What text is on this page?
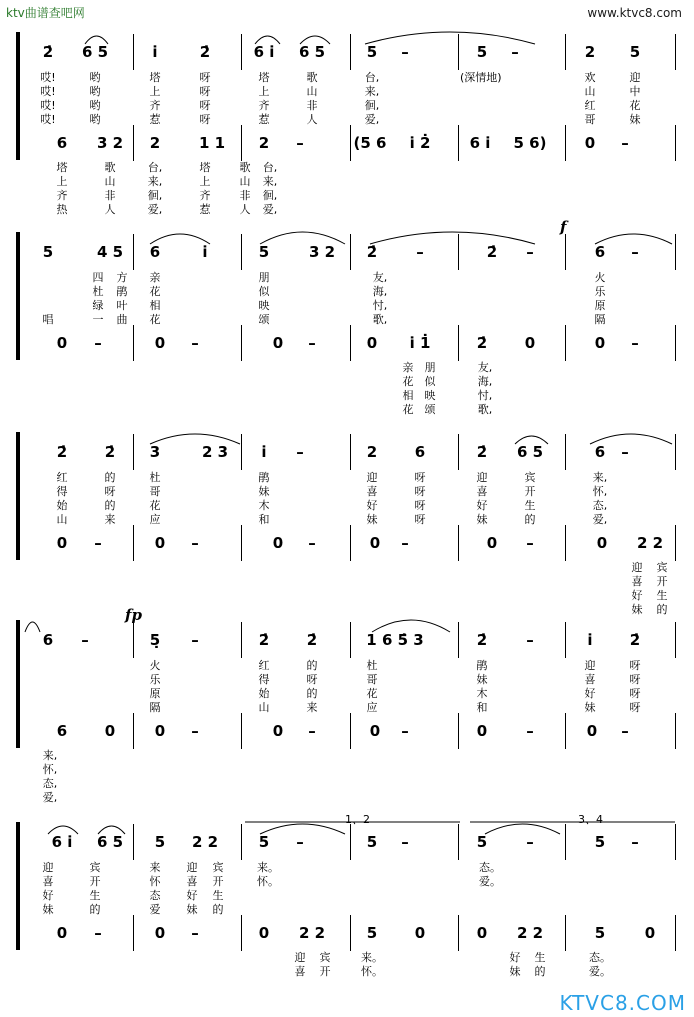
ktv曲谱查吧网	www.ktvc8.com
2̇ 6 5	i̇	2̇	6 i̇ 6 5	5 –	5 –	2 5
哎!	哟	塔	呀	塔	歌	台,	欢	迎
哎!	哟	上	呀	上	山	来,	山	中
哎!	哟	齐	呀	齐	非	徊,	红	花
哎!	哟	惹	呀	惹	人	爱,	哥	妹
(深情地)
6 3 2 2	1 1 2 –	(5 6 i̇ 2̇	6 i̇ 5 6)	0 –
塔	歌	台,	塔	歌 台,
上	山	来,	上	山 来,
齐	非	徊,	齐	非 徊,
热	人	爱,	惹	人 爱,
5	4 5 6	i̇	5	3 2 2̇	–	2̇ –	6 –
四 方 亲	朋	友,	火
杜 鹃 花	似	海,	乐
绿 叶 相	映	忖,	原
唱	一 曲 花	颂	歌,	隔
f
0 –	0 –	0 –	0 i̇ 1̇	2̇	0	0 –
亲 朋	友,
花 似	海,
相 映	忖,
花 颂	歌,
2̇	2̇ 3	2 3 i̇ –	2	6	2̇ 6 5	6 –
红	的	杜	鹃	迎	呀	迎	宾	来,
得	呀	哥	妹	喜	呀	喜	开	怀,
始	的	花	木	好	呀	好	生	态,
山	来	应	和	妹	呀	妹	的	爱,
0 –	0 –	0 –	0 –	0 –	0 2 2
迎 宾
喜 开
好 生
妹 的
6 –	5̣ –	2̇	2̇	1 6 5̇ 3	2̇	–	i̇ 2̇
火	红	的	杜	鹃	迎	呀
乐	得	呀	哥	妹	喜	呀
原	始	的	花	木	好	呀
隔	山	来	应	和	妹	呀
fp
6	0	0 –	0 –	0 –	0	–	0 –
来,
怀,
态,
爱,
6 i̇ 6 5 5 2 2	5 –	5 –	5	–	5 –
迎	宾	来 迎 宾	来。	态。
喜	开	怀 喜 开	怀。	爱。
好	生	态 好 生
妹	的	爱 妹 的
1、2	3、4
0 –	0 –	0 2 2	5	0	0 2 2	5	0
迎 宾	来。	好 生	态。
喜 开	怀。	妹 的	爱。
KTVC8.COM
